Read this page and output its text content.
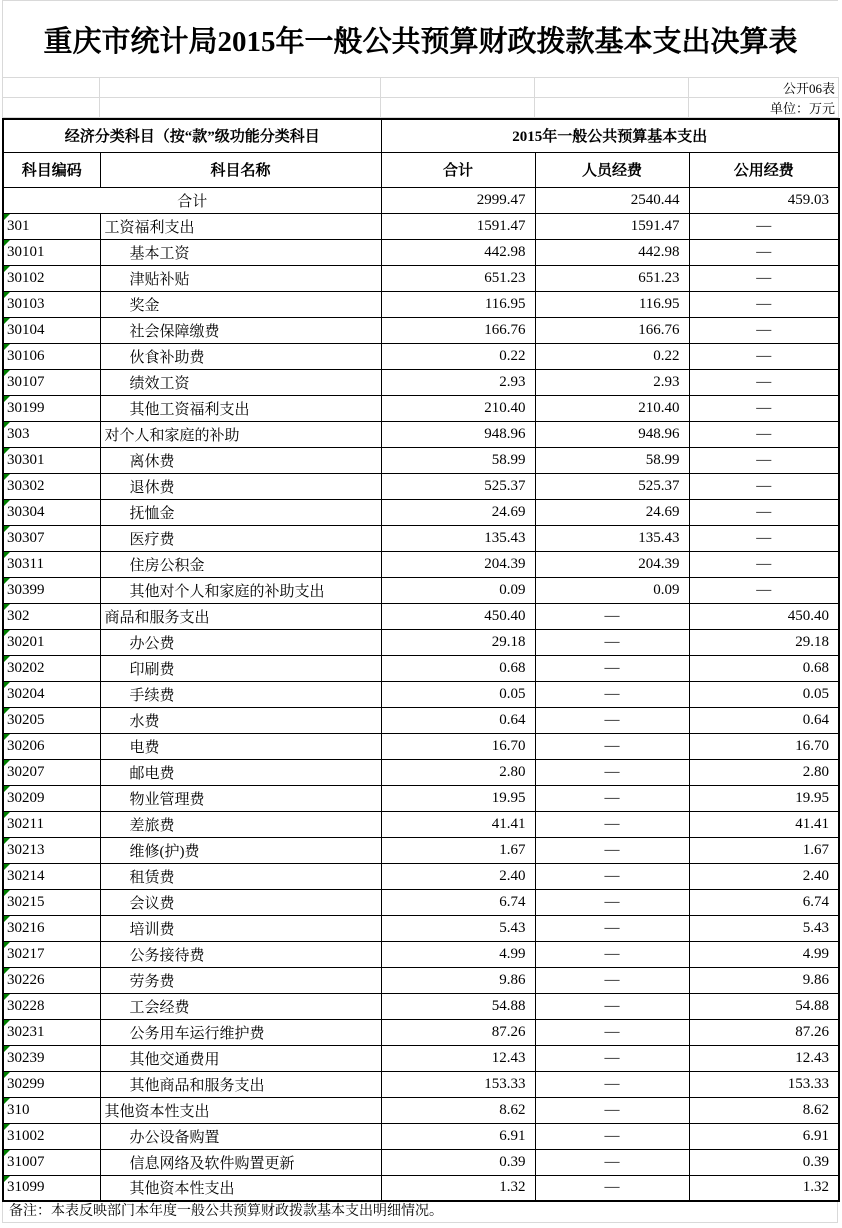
重庆市统计局2015年一般公共预算财政拨款基本支出决算表
				公开06表
				单位：万元
经济分类科目（按“款”级功能分类科目		2015年一般公共预算基本支出		
科目编码	科目名称	合计	人员经费	公用经费
合计		2999.47	2540.44	459.03
301	工资福利支出	1591.47	1591.47	—
30101	基本工资	442.98	442.98	—
30102	津贴补贴	651.23	651.23	—
30103	奖金	116.95	116.95	—
30104	社会保障缴费	166.76	166.76	—
30106	伙食补助费	0.22	0.22	—
30107	绩效工资	2.93	2.93	—
30199	其他工资福利支出	210.40	210.40	—
303	对个人和家庭的补助	948.96	948.96	—
30301	离休费	58.99	58.99	—
30302	退休费	525.37	525.37	—
30304	抚恤金	24.69	24.69	—
30307	医疗费	135.43	135.43	—
30311	住房公积金	204.39	204.39	—
30399	其他对个人和家庭的补助支出	0.09	0.09	—
302	商品和服务支出	450.40	—	450.40
30201	办公费	29.18	—	29.18
30202	印刷费	0.68	—	0.68
30204	手续费	0.05	—	0.05
30205	水费	0.64	—	0.64
30206	电费	16.70	—	16.70
30207	邮电费	2.80	—	2.80
30209	物业管理费	19.95	—	19.95
30211	差旅费	41.41	—	41.41
30213	维修(护)费	1.67	—	1.67
30214	租赁费	2.40	—	2.40
30215	会议费	6.74	—	6.74
30216	培训费	5.43	—	5.43
30217	公务接待费	4.99	—	4.99
30226	劳务费	9.86	—	9.86
30228	工会经费	54.88	—	54.88
30231	公务用车运行维护费	87.26	—	87.26
30239	其他交通费用	12.43	—	12.43
30299	其他商品和服务支出	153.33	—	153.33
310	其他资本性支出	8.62	—	8.62
31002	办公设备购置	6.91	—	6.91
31007	信息网络及软件购置更新	0.39	—	0.39
31099	其他资本性支出	1.32	—	1.32
备注：本表反映部门本年度一般公共预算财政拨款基本支出明细情况。
